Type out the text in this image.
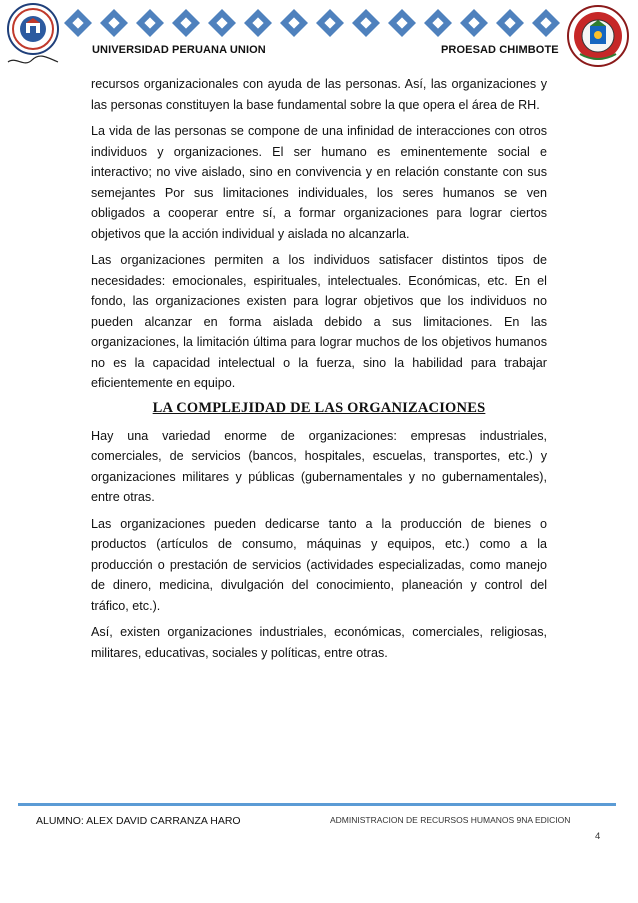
UNIVERSIDAD PERUANA UNION	PROESAD CHIMBOTE

recursos organizacionales con ayuda de las personas. Así, las organizaciones y las personas constituyen la base fundamental sobre la que opera el área de RH.

La vida de las personas se compone de una infinidad de interacciones con otros individuos y organizaciones. El ser humano es eminentemente social e interactivo; no vive aislado, sino en convivencia y en relación constante con sus semejantes Por sus limitaciones individuales, los seres humanos se ven obligados a cooperar entre sí, a formar organizaciones para lograr ciertos objetivos que la acción individual y aislada no alcanzarla.

Las organizaciones permiten a los individuos satisfacer distintos tipos de necesidades: emocionales, espirituales, intelectuales. Económicas, etc. En el fondo, las organizaciones existen para lograr objetivos que los individuos no pueden alcanzar en forma aislada debido a sus limitaciones. En las organizaciones, la limitación última para lograr muchos de los objetivos humanos no es la capacidad intelectual o la fuerza, sino la habilidad para trabajar eficientemente en equipo.

LA COMPLEJIDAD DE LAS ORGANIZACIONES

Hay una variedad enorme de organizaciones: empresas industriales, comerciales, de servicios (bancos, hospitales, escuelas, transportes, etc.) y organizaciones militares y públicas (gubernamentales y no gubernamentales), entre otras.

Las organizaciones pueden dedicarse tanto a la producción de bienes o productos (artículos de consumo, máquinas y equipos, etc.) como a la producción o prestación de servicios (actividades especializadas, como manejo de dinero, medicina, divulgación del conocimiento, planeación y control del tráfico, etc.).

Así, existen organizaciones industriales, económicas, comerciales, religiosas, militares, educativas, sociales y políticas, entre otras.

ALUMNO: ALEX DAVID CARRANZA HARO	ADMINISTRACION DE RECURSOS HUMANOS 9NA EDICION
4
